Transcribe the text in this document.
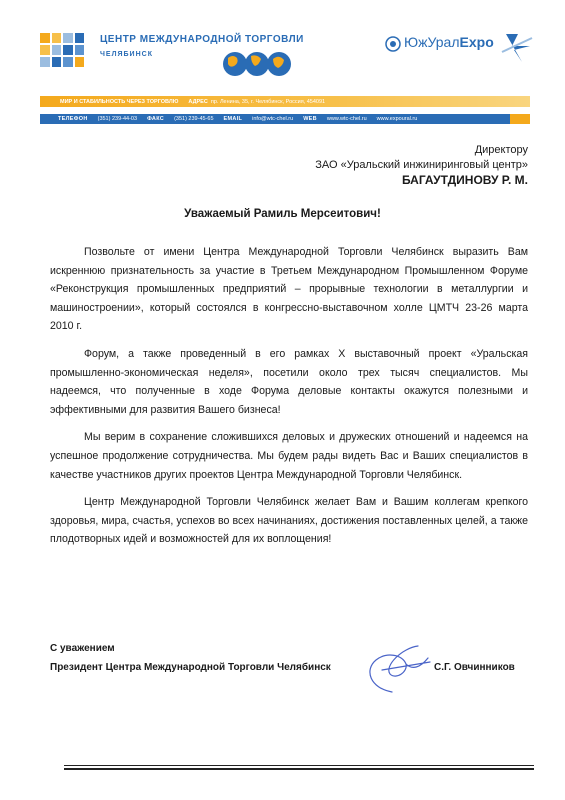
ЦЕНТР МЕЖДУНАРОДНОЙ ТОРГОВЛИ
ЧЕЛЯБИНСК
ЮжУралExpo
МИР И СТАБИЛЬНОСТЬ ЧЕРЕЗ ТОРГОВЛЮ АДРЕС пр. Ленина, 35, г. Челябинск, Россия, 454091
ТЕЛЕФОН (351) 239-44-03 ФАКС (351) 239-45-65 EMAIL info@wtc-chel.ru WEB www.wtc-chel.ru www.expoural.ru
Директору
ЗАО «Уральский инжиниринговый центр»
БАГАУТДИНОВУ Р. М.
Уважаемый Рамиль Мерсеитович!

Позвольте от имени Центра Международной Торговли Челябинск выразить Вам искреннюю признательность за участие в Третьем Международном Промышленном Форуме «Реконструкция промышленных предприятий – прорывные технологии в металлургии и машиностроении», который состоялся в конгрессно-выставочном холле ЦМТЧ 23-26 марта 2010 г.

Форум, а также проведенный в его рамках X выставочный проект «Уральская промышленно-экономическая неделя», посетили около трех тысяч специалистов. Мы надеемся, что полученные в ходе Форума деловые контакты окажутся полезными и эффективными для развития Вашего бизнеса!

Мы верим в сохранение сложившихся деловых и дружеских отношений и надеемся на успешное продолжение сотрудничества. Мы будем рады видеть Вас и Ваших специалистов в качестве участников других проектов Центра Международной Торговли Челябинск.

Центр Международной Торговли Челябинск желает Вам и Вашим коллегам крепкого здоровья, мира, счастья, успехов во всех начинаниях, достижения поставленных целей, а также плодотворных идей и возможностей для их воплощения!

С уважением
Президент Центра Международной Торговли Челябинск	С.Г. Овчинников
